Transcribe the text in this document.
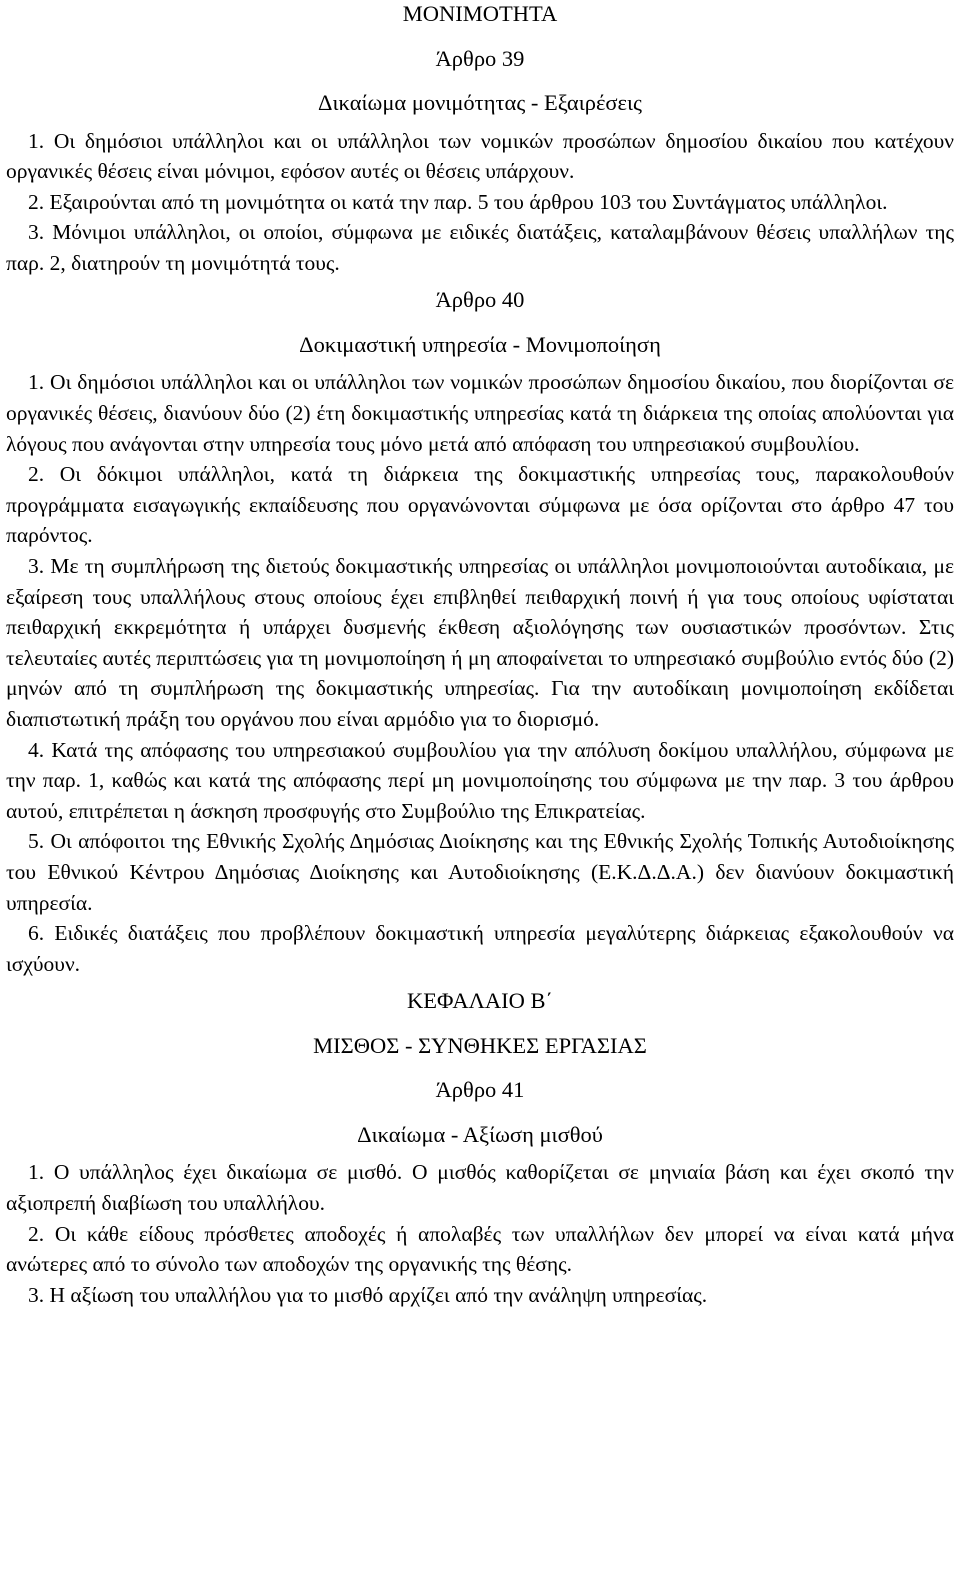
ΜΟΝΙΜΟΤΗΤΑ

Άρθρο 39

Δικαίωμα μονιμότητας - Εξαιρέσεις

1. Οι δημόσιοι υπάλληλοι και οι υπάλληλοι των νομικών προσώπων δημοσίου δικαίου που κατέχουν οργανικές θέσεις είναι μόνιμοι, εφόσον αυτές οι θέσεις υπάρχουν.

2. Εξαιρούνται από τη μονιμότητα οι κατά την παρ. 5 του άρθρου 103 του Συντάγματος υπάλληλοι.

3. Μόνιμοι υπάλληλοι, οι οποίοι, σύμφωνα με ειδικές διατάξεις, καταλαμβάνουν θέσεις υπαλλήλων της παρ. 2, διατηρούν τη μονιμότητά τους.

Άρθρο 40

Δοκιμαστική υπηρεσία - Μονιμοποίηση

1. Οι δημόσιοι υπάλληλοι και οι υπάλληλοι των νομικών προσώπων δημοσίου δικαίου, που διορίζονται σε οργανικές θέσεις, διανύουν δύο (2) έτη δοκιμαστικής υπηρεσίας κατά τη διάρκεια της οποίας απολύονται για λόγους που ανάγονται στην υπηρεσία τους μόνο μετά από απόφαση του υπηρεσιακού συμβουλίου.

2. Οι δόκιμοι υπάλληλοι, κατά τη διάρκεια της δοκιμαστικής υπηρεσίας τους, παρακολουθούν προγράμματα εισαγωγικής εκπαίδευσης που οργανώνονται σύμφωνα με όσα ορίζονται στο άρθρο 47 του παρόντος.

3. Με τη συμπλήρωση της διετούς δοκιμαστικής υπηρεσίας οι υπάλληλοι μονιμοποιούνται αυτοδίκαια, με εξαίρεση τους υπαλλήλους στους οποίους έχει επιβληθεί πειθαρχική ποινή ή για τους οποίους υφίσταται πειθαρχική εκκρεμότητα ή υπάρχει δυσμενής έκθεση αξιολόγησης των ουσιαστικών προσόντων. Στις τελευταίες αυτές περιπτώσεις για τη μονιμοποίηση ή μη αποφαίνεται το υπηρεσιακό συμβούλιο εντός δύο (2) μηνών από τη συμπλήρωση της δοκιμαστικής υπηρεσίας. Για την αυτοδίκαιη μονιμοποίηση εκδίδεται διαπιστωτική πράξη του οργάνου που είναι αρμόδιο για το διορισμό.

4. Κατά της απόφασης του υπηρεσιακού συμβουλίου για την απόλυση δοκίμου υπαλλήλου, σύμφωνα με την παρ. 1, καθώς και κατά της απόφασης περί μη μονιμοποίησης του σύμφωνα με την παρ. 3 του άρθρου αυτού, επιτρέπεται η άσκηση προσφυγής στο Συμβούλιο της Επικρατείας.

5. Οι απόφοιτοι της Εθνικής Σχολής Δημόσιας Διοίκησης και της Εθνικής Σχολής Τοπικής Αυτοδιοίκησης του Εθνικού Κέντρου Δημόσιας Διοίκησης και Αυτοδιοίκησης (Ε.Κ.Δ.Δ.Α.) δεν διανύουν δοκιμαστική υπηρεσία.

6. Ειδικές διατάξεις που προβλέπουν δοκιμαστική υπηρεσία μεγαλύτερης διάρκειας εξακολουθούν να ισχύουν.

ΚΕΦΑΛΑΙΟ Β΄

ΜΙΣΘΟΣ - ΣΥΝΘΗΚΕΣ ΕΡΓΑΣΙΑΣ

Άρθρο 41

Δικαίωμα - Αξίωση μισθού

1. Ο υπάλληλος έχει δικαίωμα σε μισθό. Ο μισθός καθορίζεται σε μηνιαία βάση και έχει σκοπό την αξιοπρεπή διαβίωση του υπαλλήλου.

2. Οι κάθε είδους πρόσθετες αποδοχές ή απολαβές των υπαλλήλων δεν μπορεί να είναι κατά μήνα ανώτερες από το σύνολο των αποδοχών της οργανικής της θέσης.

3. Η αξίωση του υπαλλήλου για το μισθό αρχίζει από την ανάληψη υπηρεσίας.
